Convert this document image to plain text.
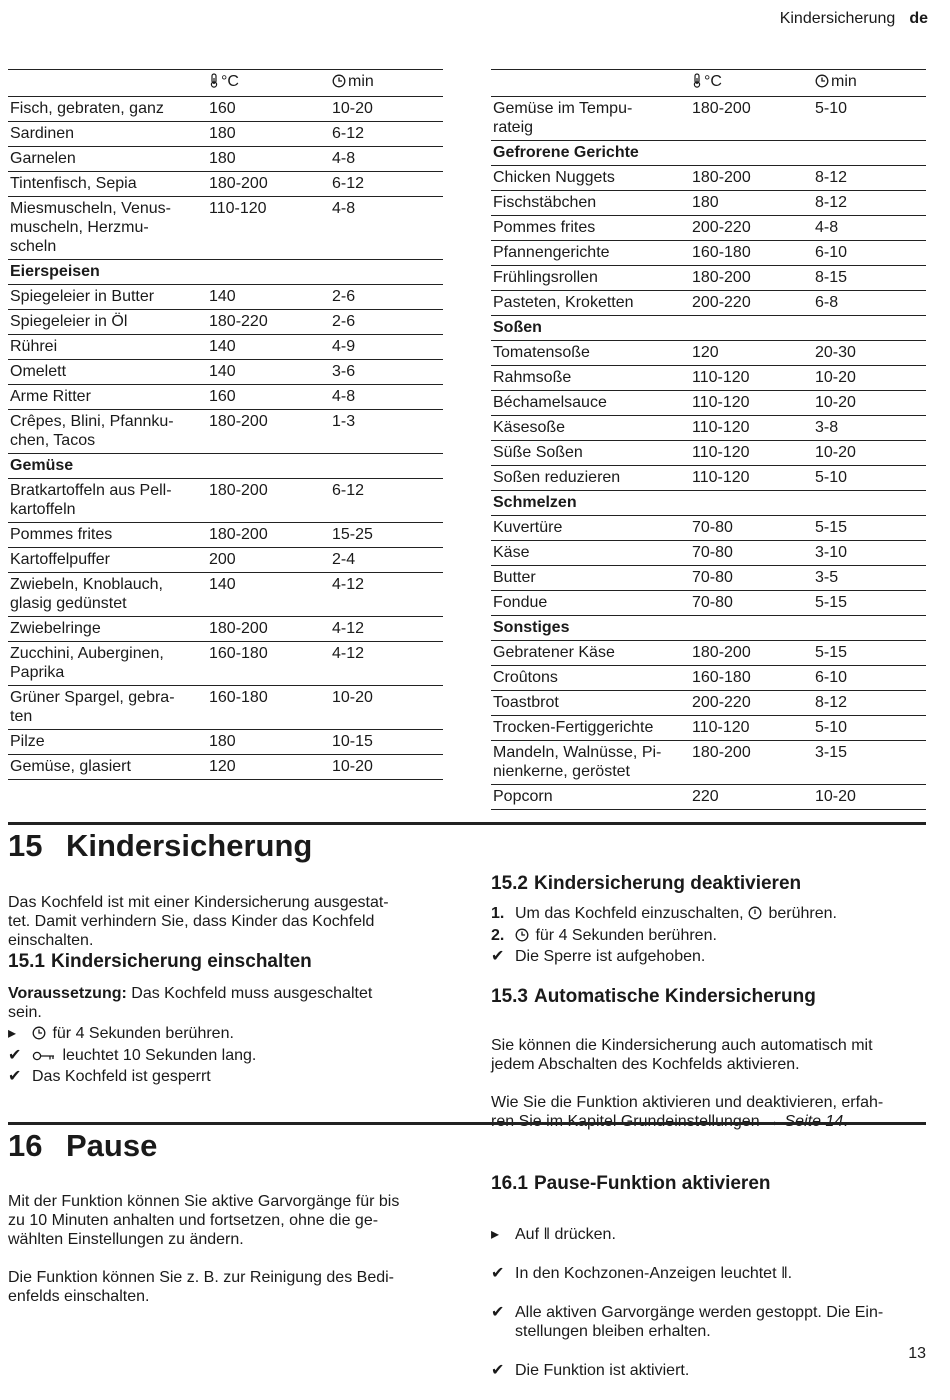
Kindersicherung de
	°C	min
Fisch, gebraten, ganz	160	10-20
Sardinen	180	6-12
Garnelen	180	4-8
Tintenfisch, Sepia	180-200	6-12
Miesmuscheln, Venus-
muscheln, Herzmu-
scheln	110-120	4-8
Eierspeisen		
Spiegeleier in Butter	140	2-6
Spiegeleier in Öl	180-220	2-6
Rührei	140	4-9
Omelett	140	3-6
Arme Ritter	160	4-8
Crêpes, Blini, Pfannku-
chen, Tacos	180-200	1-3
Gemüse		
Bratkartoffeln aus Pell-
kartoffeln	180-200	6-12
Pommes frites	180-200	15-25
Kartoffelpuffer	200	2-4
Zwiebeln, Knoblauch,
glasig gedünstet	140	4-12
Zwiebelringe	180-200	4-12
Zucchini, Auberginen,
Paprika	160-180	4-12
Grüner Spargel, gebra-
ten	160-180	10-20
Pilze	180	10-15
Gemüse, glasiert	120	10-20
	°C	min
Gemüse im Tempu-
rateig	180-200	5-10
Gefrorene Gerichte		
Chicken Nuggets	180-200	8-12
Fischstäbchen	180	8-12
Pommes frites	200-220	4-8
Pfannengerichte	160-180	6-10
Frühlingsrollen	180-200	8-15
Pasteten, Kroketten	200-220	6-8
Soßen		
Tomatensoße	120	20-30
Rahmsoße	110-120	10-20
Béchamelsauce	110-120	10-20
Käsesoße	110-120	3-8
Süße Soßen	110-120	10-20
Soßen reduzieren	110-120	5-10
Schmelzen		
Kuvertüre	70-80	5-15
Käse	70-80	3-10
Butter	70-80	3-5
Fondue	70-80	5-15
Sonstiges		
Gebratener Käse	180-200	5-15
Croûtons	160-180	6-10
Toastbrot	200-220	8-12
Trocken-Fertiggerichte	110-120	5-10
Mandeln, Walnüsse, Pi-
nienkerne, geröstet	180-200	3-15
Popcorn	220	10-20
15 Kindersicherung

Das Kochfeld ist mit einer Kindersicherung ausgestat-
tet. Damit verhindern Sie, dass Kinder das Kochfeld
einschalten.

15.1 Kindersicherung einschalten
Voraussetzung: Das Kochfeld muss ausgeschaltet
sein.
▸	für 4 Sekunden berühren.
✔	leuchtet 10 Sekunden lang.
✔ Das Kochfeld ist gesperrt
15.2 Kindersicherung deaktivieren
1. Um das Kochfeld einzuschalten,  berühren.
2.	für 4 Sekunden berühren.
✔ Die Sperre ist aufgehoben.
15.3 Automatische Kindersicherung

Sie können die Kindersicherung auch automatisch mit
jedem Abschalten des Kochfelds aktivieren.

Wie Sie die Funktion aktivieren und deaktivieren, erfah-

16 Pause

Mit der Funktion können Sie aktive Garvorgänge für bis
zu 10 Minuten anhalten und fortsetzen, ohne die ge-
wählten Einstellungen zu ändern.

Die Funktion können Sie z. B. zur Reinigung des Bedi-
enfelds einschalten.

16.1 Pause-Funktion aktivieren

▸ Auf ǁ drücken.

✔ In den Kochzonen-Anzeigen leuchtet ǁ.

✔ Alle aktiven Garvorgänge werden gestoppt. Die Ein-
stellungen bleiben erhalten.

✔ Die Funktion ist aktiviert.

13
